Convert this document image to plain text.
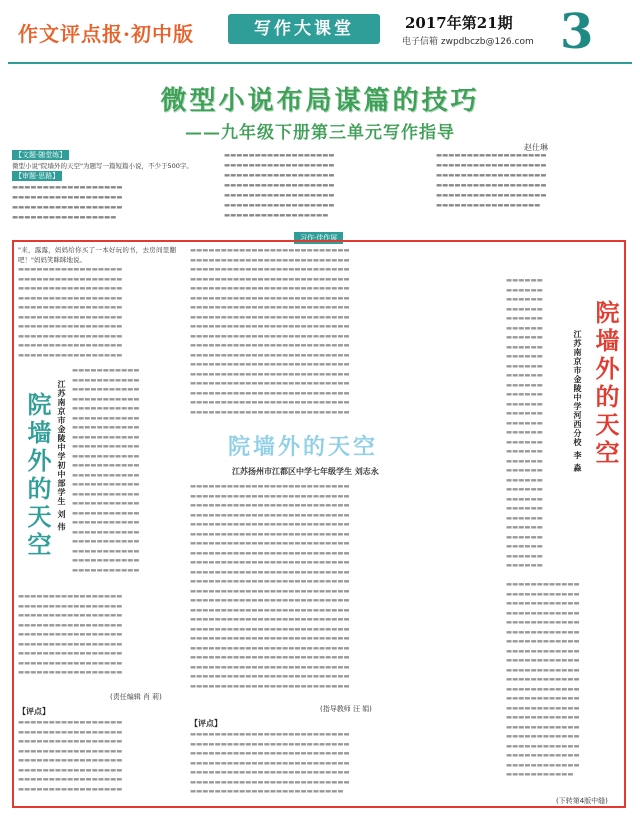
作文评点报·初中版	写作大课堂	2017年第21期
电子信箱 zwpdbczb@126.com 3
微型小说布局谋篇的技巧
——九年级下册第三单元写作指导
赵仕琳
【文题·随堂练】
微型小说"院墙外的天空"为题写一篇短篇小说，不少于500字。
【审题·思路】
▬▬▬▬▬▬▬▬▬▬▬▬▬▬▬▬▬▬
▬▬▬▬▬▬▬▬▬▬▬▬▬▬▬▬▬▬
▬▬▬▬▬▬▬▬▬▬▬▬▬▬▬▬▬▬
▬▬▬▬▬▬▬▬▬▬▬▬▬▬▬▬▬
▬▬▬▬▬▬▬▬▬▬▬▬▬▬▬▬▬▬
▬▬▬▬▬▬▬▬▬▬▬▬▬▬▬▬▬▬
▬▬▬▬▬▬▬▬▬▬▬▬▬▬▬▬▬▬
▬▬▬▬▬▬▬▬▬▬▬▬▬▬▬▬▬▬
▬▬▬▬▬▬▬▬▬▬▬▬▬▬▬▬▬▬
▬▬▬▬▬▬▬▬▬▬▬▬▬▬▬▬▬▬
▬▬▬▬▬▬▬▬▬▬▬▬▬▬▬▬▬
▬▬▬▬▬▬▬▬▬▬▬▬▬▬▬▬▬▬
▬▬▬▬▬▬▬▬▬▬▬▬▬▬▬▬▬▬
▬▬▬▬▬▬▬▬▬▬▬▬▬▬▬▬▬▬
▬▬▬▬▬▬▬▬▬▬▬▬▬▬▬▬▬▬
▬▬▬▬▬▬▬▬▬▬▬▬▬▬▬▬▬▬
▬▬▬▬▬▬▬▬▬▬▬▬▬▬▬▬▬
习作·佳作展
"来，露露，妈妈给你买了一本好玩的书，去房间里翻吧！"妈妈笑眯眯地说。
▬▬▬▬▬▬▬▬▬▬▬▬▬▬▬▬▬
▬▬▬▬▬▬▬▬▬▬▬▬▬▬▬▬▬
▬▬▬▬▬▬▬▬▬▬▬▬▬▬▬▬▬
▬▬▬▬▬▬▬▬▬▬▬▬▬▬▬▬▬
▬▬▬▬▬▬▬▬▬▬▬▬▬▬▬▬▬
▬▬▬▬▬▬▬▬▬▬▬▬▬▬▬▬▬
▬▬▬▬▬▬▬▬▬▬▬▬▬▬▬▬▬
▬▬▬▬▬▬▬▬▬▬▬▬▬▬▬▬▬
▬▬▬▬▬▬▬▬▬▬▬▬▬▬▬▬▬
▬▬▬▬▬▬▬▬▬▬▬▬▬▬▬▬▬
院墙外的天空 江苏南京市金陵中学初中部学生 刘 伟
▬▬▬▬▬▬▬▬▬▬▬
▬▬▬▬▬▬▬▬▬▬▬
▬▬▬▬▬▬▬▬▬▬▬
▬▬▬▬▬▬▬▬▬▬▬
▬▬▬▬▬▬▬▬▬▬▬
▬▬▬▬▬▬▬▬▬▬▬
▬▬▬▬▬▬▬▬▬▬▬
▬▬▬▬▬▬▬▬▬▬▬
▬▬▬▬▬▬▬▬▬▬▬
▬▬▬▬▬▬▬▬▬▬▬
▬▬▬▬▬▬▬▬▬▬▬
▬▬▬▬▬▬▬▬▬▬▬
▬▬▬▬▬▬▬▬▬▬▬
▬▬▬▬▬▬▬▬▬▬▬
▬▬▬▬▬▬▬▬▬▬▬
▬▬▬▬▬▬▬▬▬▬▬
▬▬▬▬▬▬▬▬▬▬▬
▬▬▬▬▬▬▬▬▬▬▬
▬▬▬▬▬▬▬▬▬▬▬
▬▬▬▬▬▬▬▬▬▬▬
▬▬▬▬▬▬▬▬▬▬▬
▬▬▬▬▬▬▬▬▬▬▬
▬▬▬▬▬▬▬▬▬▬▬▬▬▬▬▬▬
▬▬▬▬▬▬▬▬▬▬▬▬▬▬▬▬▬
▬▬▬▬▬▬▬▬▬▬▬▬▬▬▬▬▬
▬▬▬▬▬▬▬▬▬▬▬▬▬▬▬▬▬
▬▬▬▬▬▬▬▬▬▬▬▬▬▬▬▬▬
▬▬▬▬▬▬▬▬▬▬▬▬▬▬▬▬▬
▬▬▬▬▬▬▬▬▬▬▬▬▬▬▬▬▬
▬▬▬▬▬▬▬▬▬▬▬▬▬▬▬▬▬
▬▬▬▬▬▬▬▬▬▬▬▬▬▬▬▬▬
(责任编辑 肖 莉)
【评点】
▬▬▬▬▬▬▬▬▬▬▬▬▬▬▬▬▬
▬▬▬▬▬▬▬▬▬▬▬▬▬▬▬▬▬
▬▬▬▬▬▬▬▬▬▬▬▬▬▬▬▬▬
▬▬▬▬▬▬▬▬▬▬▬▬▬▬▬▬▬
▬▬▬▬▬▬▬▬▬▬▬▬▬▬▬▬▬
▬▬▬▬▬▬▬▬▬▬▬▬▬▬▬▬▬
▬▬▬▬▬▬▬▬▬▬▬▬▬▬▬▬▬
▬▬▬▬▬▬▬▬▬▬▬▬▬▬▬▬▬
▬▬▬▬▬▬▬▬▬▬▬▬▬▬▬▬▬▬▬▬▬▬▬▬▬▬
▬▬▬▬▬▬▬▬▬▬▬▬▬▬▬▬▬▬▬▬▬▬▬▬▬▬
▬▬▬▬▬▬▬▬▬▬▬▬▬▬▬▬▬▬▬▬▬▬▬▬▬▬
▬▬▬▬▬▬▬▬▬▬▬▬▬▬▬▬▬▬▬▬▬▬▬▬▬▬
▬▬▬▬▬▬▬▬▬▬▬▬▬▬▬▬▬▬▬▬▬▬▬▬▬▬
▬▬▬▬▬▬▬▬▬▬▬▬▬▬▬▬▬▬▬▬▬▬▬▬▬▬
▬▬▬▬▬▬▬▬▬▬▬▬▬▬▬▬▬▬▬▬▬▬▬▬▬▬
▬▬▬▬▬▬▬▬▬▬▬▬▬▬▬▬▬▬▬▬▬▬▬▬▬▬
▬▬▬▬▬▬▬▬▬▬▬▬▬▬▬▬▬▬▬▬▬▬▬▬▬▬
▬▬▬▬▬▬▬▬▬▬▬▬▬▬▬▬▬▬▬▬▬▬▬▬▬▬
▬▬▬▬▬▬▬▬▬▬▬▬▬▬▬▬▬▬▬▬▬▬▬▬▬▬
▬▬▬▬▬▬▬▬▬▬▬▬▬▬▬▬▬▬▬▬▬▬▬▬▬▬
▬▬▬▬▬▬▬▬▬▬▬▬▬▬▬▬▬▬▬▬▬▬▬▬▬▬
▬▬▬▬▬▬▬▬▬▬▬▬▬▬▬▬▬▬▬▬▬▬▬▬▬▬
▬▬▬▬▬▬▬▬▬▬▬▬▬▬▬▬▬▬▬▬▬▬▬▬▬▬
▬▬▬▬▬▬▬▬▬▬▬▬▬▬▬▬▬▬▬▬▬▬▬▬▬▬
▬▬▬▬▬▬▬▬▬▬▬▬▬▬▬▬▬▬▬▬▬▬▬▬▬▬
▬▬▬▬▬▬▬▬▬▬▬▬▬▬▬▬▬▬▬▬▬▬▬▬▬▬
院墙外的天空
江苏扬州市江都区中学七年级学生 刘志永
▬▬▬▬▬▬▬▬▬▬▬▬▬▬▬▬▬▬▬▬▬▬▬▬▬▬
▬▬▬▬▬▬▬▬▬▬▬▬▬▬▬▬▬▬▬▬▬▬▬▬▬▬
▬▬▬▬▬▬▬▬▬▬▬▬▬▬▬▬▬▬▬▬▬▬▬▬▬▬
▬▬▬▬▬▬▬▬▬▬▬▬▬▬▬▬▬▬▬▬▬▬▬▬▬▬
▬▬▬▬▬▬▬▬▬▬▬▬▬▬▬▬▬▬▬▬▬▬▬▬▬▬
▬▬▬▬▬▬▬▬▬▬▬▬▬▬▬▬▬▬▬▬▬▬▬▬▬▬
▬▬▬▬▬▬▬▬▬▬▬▬▬▬▬▬▬▬▬▬▬▬▬▬▬▬
▬▬▬▬▬▬▬▬▬▬▬▬▬▬▬▬▬▬▬▬▬▬▬▬▬▬
▬▬▬▬▬▬▬▬▬▬▬▬▬▬▬▬▬▬▬▬▬▬▬▬▬▬
▬▬▬▬▬▬▬▬▬▬▬▬▬▬▬▬▬▬▬▬▬▬▬▬▬▬
▬▬▬▬▬▬▬▬▬▬▬▬▬▬▬▬▬▬▬▬▬▬▬▬▬▬
▬▬▬▬▬▬▬▬▬▬▬▬▬▬▬▬▬▬▬▬▬▬▬▬▬▬
▬▬▬▬▬▬▬▬▬▬▬▬▬▬▬▬▬▬▬▬▬▬▬▬▬▬
▬▬▬▬▬▬▬▬▬▬▬▬▬▬▬▬▬▬▬▬▬▬▬▬▬▬
▬▬▬▬▬▬▬▬▬▬▬▬▬▬▬▬▬▬▬▬▬▬▬▬▬▬
▬▬▬▬▬▬▬▬▬▬▬▬▬▬▬▬▬▬▬▬▬▬▬▬▬▬
▬▬▬▬▬▬▬▬▬▬▬▬▬▬▬▬▬▬▬▬▬▬▬▬▬▬
▬▬▬▬▬▬▬▬▬▬▬▬▬▬▬▬▬▬▬▬▬▬▬▬▬▬
▬▬▬▬▬▬▬▬▬▬▬▬▬▬▬▬▬▬▬▬▬▬▬▬▬▬
▬▬▬▬▬▬▬▬▬▬▬▬▬▬▬▬▬▬▬▬▬▬▬▬▬▬
▬▬▬▬▬▬▬▬▬▬▬▬▬▬▬▬▬▬▬▬▬▬▬▬▬▬
▬▬▬▬▬▬▬▬▬▬▬▬▬▬▬▬▬▬▬▬▬▬▬▬▬▬
(指导教师 汪 娟)
【评点】
▬▬▬▬▬▬▬▬▬▬▬▬▬▬▬▬▬▬▬▬▬▬▬▬▬▬
▬▬▬▬▬▬▬▬▬▬▬▬▬▬▬▬▬▬▬▬▬▬▬▬▬▬
▬▬▬▬▬▬▬▬▬▬▬▬▬▬▬▬▬▬▬▬▬▬▬▬▬▬
▬▬▬▬▬▬▬▬▬▬▬▬▬▬▬▬▬▬▬▬▬▬▬▬▬▬
▬▬▬▬▬▬▬▬▬▬▬▬▬▬▬▬▬▬▬▬▬▬▬▬▬▬
▬▬▬▬▬▬▬▬▬▬▬▬▬▬▬▬▬▬▬▬▬▬▬▬▬▬
▬▬▬▬▬▬▬▬▬▬▬▬▬▬▬▬▬▬▬▬▬▬▬▬▬
院墙外的天空
江苏南京市金陵中学河西分校 李 淼
▬▬▬▬▬▬
▬▬▬▬▬▬
▬▬▬▬▬▬
▬▬▬▬▬▬
▬▬▬▬▬▬
▬▬▬▬▬▬
▬▬▬▬▬▬
▬▬▬▬▬▬
▬▬▬▬▬▬
▬▬▬▬▬▬
▬▬▬▬▬▬
▬▬▬▬▬▬
▬▬▬▬▬▬
▬▬▬▬▬▬
▬▬▬▬▬▬
▬▬▬▬▬▬
▬▬▬▬▬▬
▬▬▬▬▬▬
▬▬▬▬▬▬
▬▬▬▬▬▬
▬▬▬▬▬▬
▬▬▬▬▬▬
▬▬▬▬▬▬
▬▬▬▬▬▬
▬▬▬▬▬▬
▬▬▬▬▬▬
▬▬▬▬▬▬
▬▬▬▬▬▬
▬▬▬▬▬▬
▬▬▬▬▬▬
▬▬▬▬▬▬
▬▬▬▬▬▬▬▬▬▬▬▬
▬▬▬▬▬▬▬▬▬▬▬▬
▬▬▬▬▬▬▬▬▬▬▬▬
▬▬▬▬▬▬▬▬▬▬▬▬
▬▬▬▬▬▬▬▬▬▬▬▬
▬▬▬▬▬▬▬▬▬▬▬▬
▬▬▬▬▬▬▬▬▬▬▬▬
▬▬▬▬▬▬▬▬▬▬▬▬
▬▬▬▬▬▬▬▬▬▬▬▬
▬▬▬▬▬▬▬▬▬▬▬▬
▬▬▬▬▬▬▬▬▬▬▬▬
▬▬▬▬▬▬▬▬▬▬▬▬
▬▬▬▬▬▬▬▬▬▬▬▬
▬▬▬▬▬▬▬▬▬▬▬▬
▬▬▬▬▬▬▬▬▬▬▬▬
▬▬▬▬▬▬▬▬▬▬▬▬
▬▬▬▬▬▬▬▬▬▬▬▬
▬▬▬▬▬▬▬▬▬▬▬▬
▬▬▬▬▬▬▬▬▬▬▬▬
▬▬▬▬▬▬▬▬▬▬▬▬
▬▬▬▬▬▬▬▬▬▬▬
(下转第4版中缝)
